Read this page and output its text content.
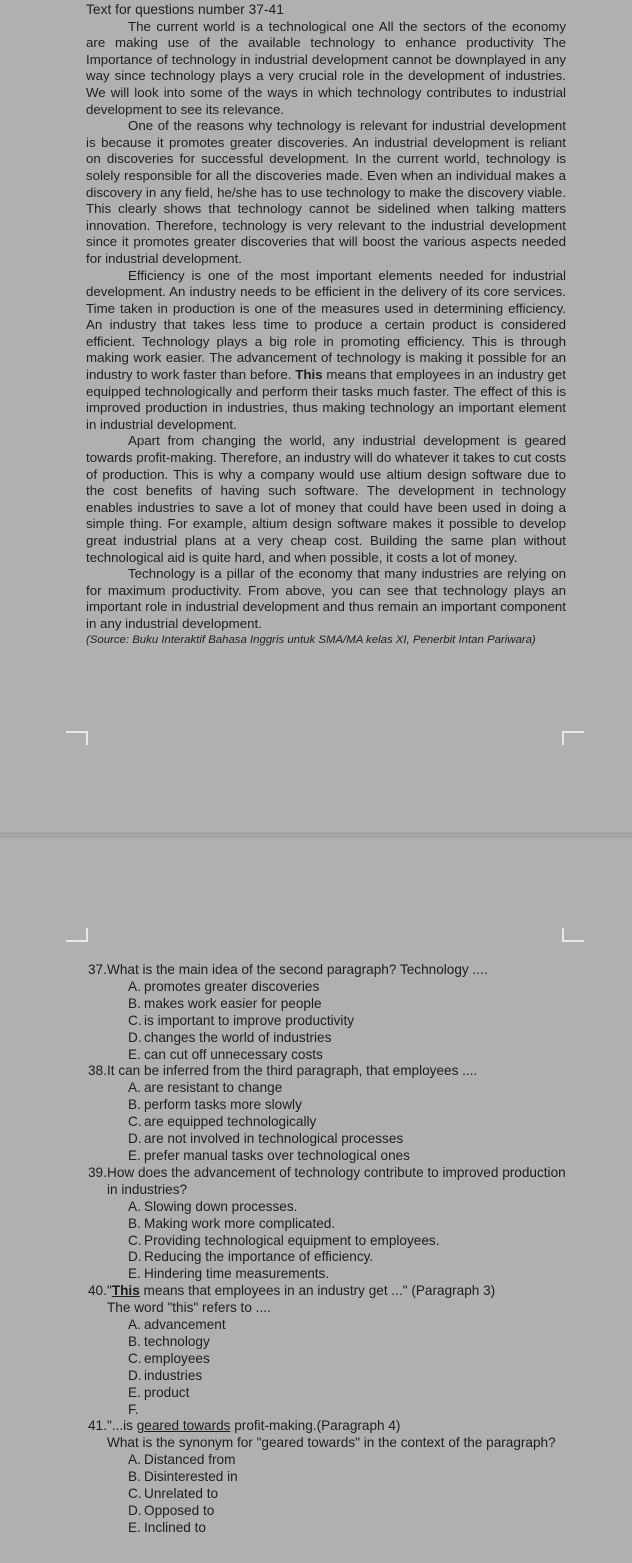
Text for questions number 37-41

The current world is a technological one All the sectors of the economy are making use of the available technology to enhance productivity The Importance of technology in industrial development cannot be downplayed in any way since technology plays a very crucial role in the development of industries. We will look into some of the ways in which technology contributes to industrial development to see its relevance.

One of the reasons why technology is relevant for industrial development is because it promotes greater discoveries. An industrial development is reliant on discoveries for successful development. In the current world, technology is solely responsible for all the discoveries made. Even when an individual makes a discovery in any field, he/she has to use technology to make the discovery viable. This clearly shows that technology cannot be sidelined when talking matters innovation. Therefore, technology is very relevant to the industrial development since it promotes greater discoveries that will boost the various aspects needed for industrial development.

Efficiency is one of the most important elements needed for industrial development. An industry needs to be efficient in the delivery of its core services. Time taken in production is one of the measures used in determining efficiency. An industry that takes less time to produce a certain product is considered efficient. Technology plays a big role in promoting efficiency. This is through making work easier. The advancement of technology is making it possible for an industry to work faster than before. This means that employees in an industry get equipped technologically and perform their tasks much faster. The effect of this is improved production in industries, thus making technology an important element in industrial development.

Apart from changing the world, any industrial development is geared towards profit-making. Therefore, an industry will do whatever it takes to cut costs of production. This is why a company would use altium design software due to the cost benefits of having such software. The development in technology enables industries to save a lot of money that could have been used in doing a simple thing. For example, altium design software makes it possible to develop great industrial plans at a very cheap cost. Building the same plan without technological aid is quite hard, and when possible, it costs a lot of money.

Technology is a pillar of the economy that many industries are relying on for maximum productivity. From above, you can see that technology plays an important role in industrial development and thus remain an important component in any industrial development.

(Source: Buku Interaktif Bahasa Inggris untuk SMA/MA kelas XI, Penerbit Intan Pariwara)

37. What is the main idea of the second paragraph? Technology ....
A. promotes greater discoveries
B. makes work easier for people
C. is important to improve productivity
D. changes the world of industries
E. can cut off unnecessary costs
38. It can be inferred from the third paragraph, that employees ....
A. are resistant to change
B. perform tasks more slowly
C. are equipped technologically
D. are not involved in technological processes
E. prefer manual tasks over technological ones
39. How does the advancement of technology contribute to improved production in industries?
A. Slowing down processes.
B. Making work more complicated.
C. Providing technological equipment to employees.
D. Reducing the importance of efficiency.
E. Hindering time measurements.
40. "This means that employees in an industry get ..." (Paragraph 3)
The word "this" refers to ....
A. advancement
B. technology
C. employees
D. industries
E. product
F.
41. "...is geared towards profit-making.(Paragraph 4)
What is the synonym for "geared towards" in the context of the paragraph?
A. Distanced from
B. Disinterested in
C. Unrelated to
D. Opposed to
E. Inclined to
